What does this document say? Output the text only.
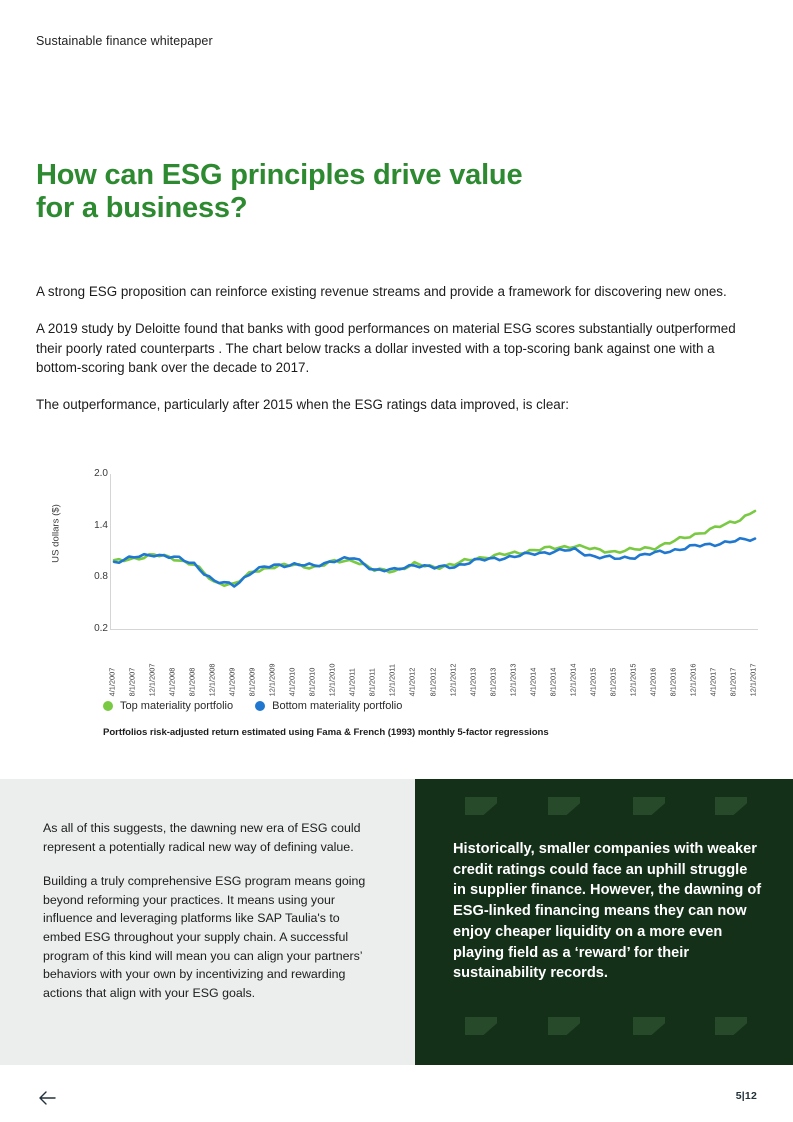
Sustainable finance whitepaper
How can ESG principles drive value
for a business?

A strong ESG proposition can reinforce existing revenue streams and provide a framework for discovering new ones.

A 2019 study by Deloitte found that banks with good performances on material ESG scores substantially outperformed their poorly rated counterparts . The chart below tracks a dollar invested with a top-scoring bank against one with a bottom-scoring bank over the decade to 2017.

The outperformance, particularly after 2015 when the ESG ratings data improved, is clear:

US dollars ($)
2.0
1.4
0.8
0.2
4/1/2007 8/1/2007 12/1/2007 4/1/2008 8/1/2008 12/1/2008 4/1/2009 8/1/2009 12/1/2009 4/1/2010 8/1/2010 12/1/2010 4/1/2011 8/1/2011 12/1/2011 4/1/2012 8/1/2012 12/1/2012 4/1/2013 8/1/2013 12/1/2013 4/1/2014 8/1/2014 12/1/2014 4/1/2015 8/1/2015 12/1/2015 4/1/2016 8/1/2016 12/1/2016 4/1/2017 8/1/2017 12/1/2017
Top materiality portfolio	Bottom materiality portfolio
Portfolios risk-adjusted return estimated using Fama & French (1993) monthly 5-factor regressions

As all of this suggests, the dawning new era of ESG could represent a potentially radical new way of defining value.

Building a truly comprehensive ESG program means going beyond reforming your practices. It means using your influence and leveraging platforms like SAP Taulia's to embed ESG throughout your supply chain. A successful program of this kind will mean you can align your partners’ behaviors with your own by incentivizing and rewarding actions that align with your ESG goals.

Historically, smaller companies with weaker credit ratings could face an uphill struggle in supplier finance. However, the dawning of ESG-linked financing means they can now enjoy cheaper liquidity on a more even playing field as a ‘reward’ for their sustainability records.
5|12
